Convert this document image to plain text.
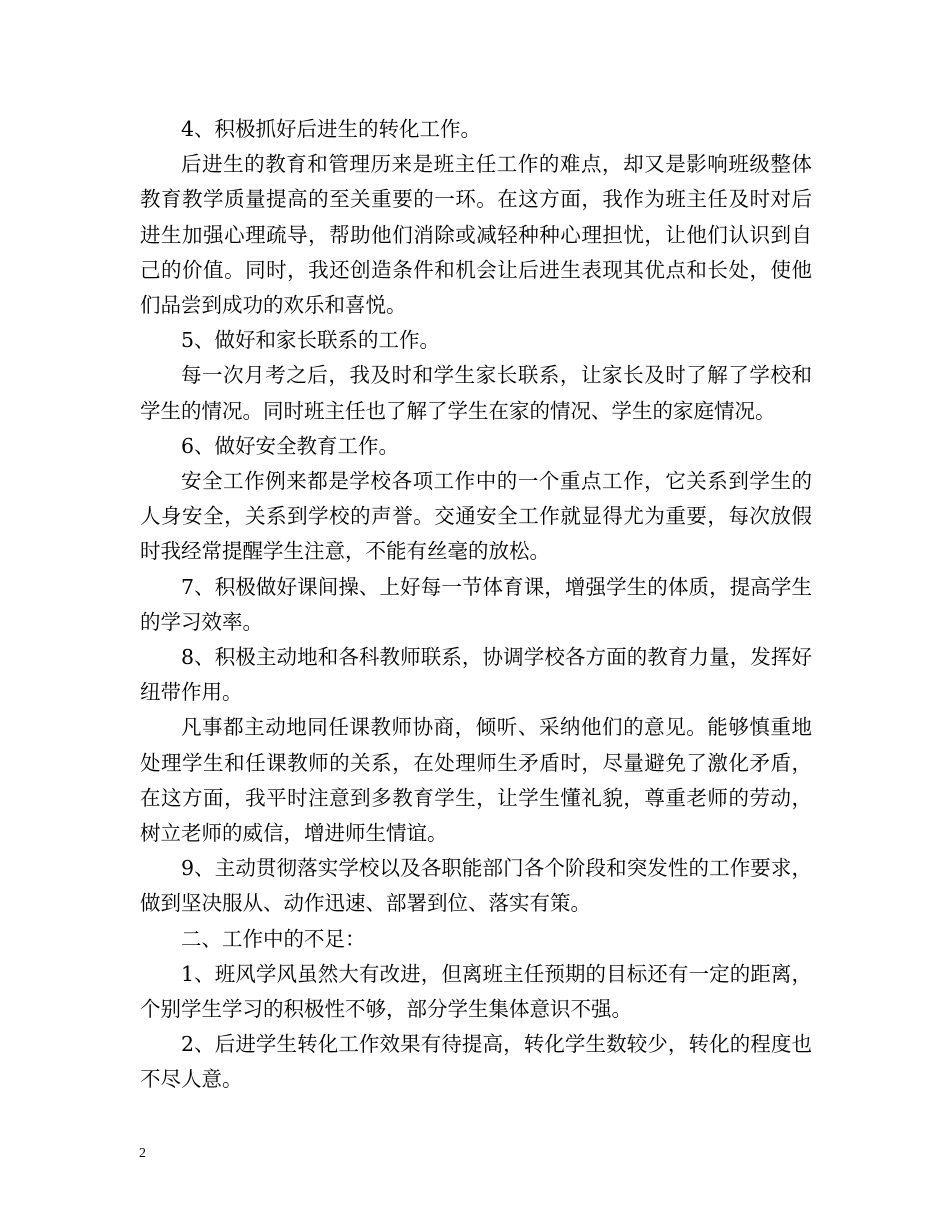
4、积极抓好后进生的转化工作。

后进生的教育和管理历来是班主任工作的难点，却又是影响班级整体教育教学质量提高的至关重要的一环。在这方面，我作为班主任及时对后进生加强心理疏导，帮助他们消除或减轻种种心理担忧，让他们认识到自己的价值。同时，我还创造条件和机会让后进生表现其优点和长处，使他们品尝到成功的欢乐和喜悦。

5、做好和家长联系的工作。

每一次月考之后，我及时和学生家长联系，让家长及时了解了学校和学生的情况。同时班主任也了解了学生在家的情况、学生的家庭情况。

6、做好安全教育工作。

安全工作例来都是学校各项工作中的一个重点工作，它关系到学生的人身安全，关系到学校的声誉。交通安全工作就显得尤为重要，每次放假时我经常提醒学生注意，不能有丝毫的放松。

7、积极做好课间操、上好每一节体育课，增强学生的体质，提高学生的学习效率。

8、积极主动地和各科教师联系，协调学校各方面的教育力量，发挥好纽带作用。

凡事都主动地同任课教师协商，倾听、采纳他们的意见。能够慎重地处理学生和任课教师的关系，在处理师生矛盾时，尽量避免了激化矛盾，在这方面，我平时注意到多教育学生，让学生懂礼貌，尊重老师的劳动，树立老师的威信，增进师生情谊。

9、主动贯彻落实学校以及各职能部门各个阶段和突发性的工作要求，做到坚决服从、动作迅速、部署到位、落实有策。

二、工作中的不足：

1、班风学风虽然大有改进，但离班主任预期的目标还有一定的距离，个别学生学习的积极性不够，部分学生集体意识不强。

2、后进学生转化工作效果有待提高，转化学生数较少，转化的程度也不尽人意。

2
